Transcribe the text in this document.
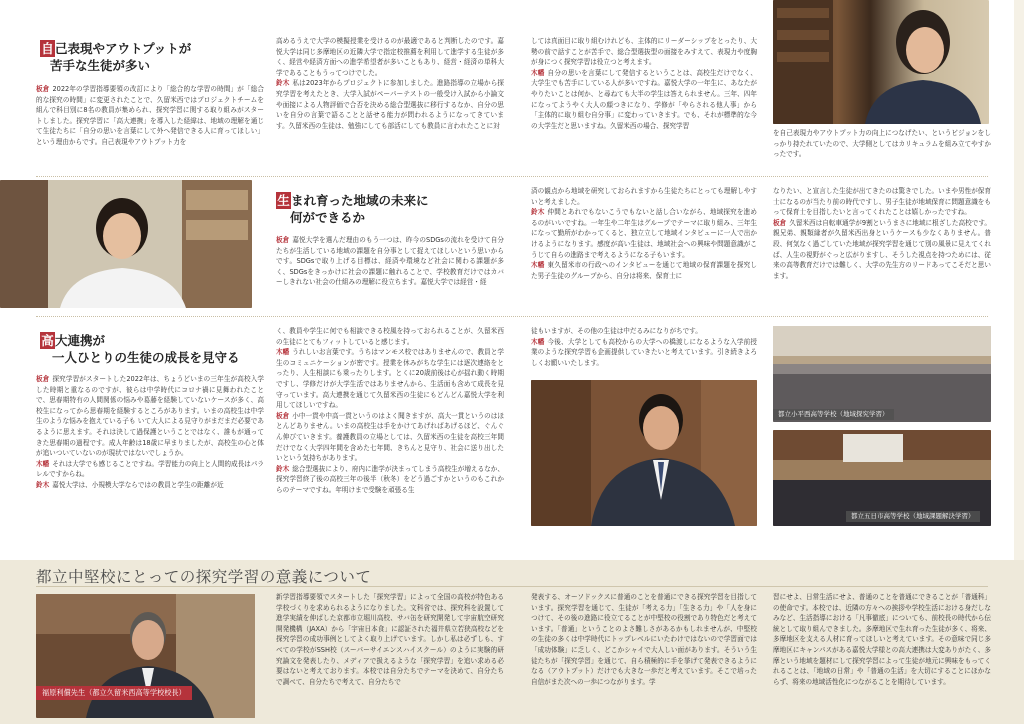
自己表現やアウトプットが
苦手な生徒が多い

板倉 2022年の学習指導要領の改訂により「総合的な学習の時間」が「総合的な探究の時間」に変更されたことで、久留米西ではプロジェクトチームを組んで科目別に8名の教員が集められ、探究学習に関する取り組みがスタートしました。探究学習に「高大連携」を導入した経緯は、地域の理解を通じて生徒たちに「自分の思いを言葉にして外へ発信できる人に育ってほしい」という理由からです。自己表現やアウトプット力を

高めるうえで大学の模擬授業を受けるのが最適であると判断したのです。嘉悦大学は同じ多摩地区の近隣大学で指定校推薦を利用して進学する生徒が多く、経営や経済方面への進学希望者が多いこともあり、経営・経済の単科大学であることもうってつけでした。

鈴木 私は2023年からプロジェクトに参加しました。進路指導の立場から探究学習を考えたとき、大学入試がペーパーテストの一般受け入試から小論文や面接による人物評価で合否を決める総合型選抜に移行するなか、自分の思いを自分の言葉で語ることと話せる能力が問われるようになってきています。久留米西の生徒は、勉強にしても部活にしても教員に言われたことに対

しては真面目に取り組むけれども、主体的にリーダーシップをとったり、大勢の前で話すことが苦手で、総合型選抜型の面接をみすえて、表現力や度胸が身につく探究学習は役立つと考えます。

木幡 自分の思いを言葉にして発信するということは、高校生だけでなく、大学生でも苦手にしている人が多いですね。嘉悦大学の一年生に、あなたがやりたいことは何か、と尋ねても大半の学生は答えられません。三年、四年になってようやく大人の顔つきになり、学修が「やらされる他人事」から「主体的に取り組む自分事」に変わっていきます。でも、それが標準的な今の大学生だと思いますね。久留米西の場合、探究学習

を自己表現力やアウトプット力の向上につなげたい、というビジョンをしっかり持たれていたので、大学側としてはカリキュラムを組み立てやすかったです。

生まれ育った地域の未来に
何ができるか

板倉 嘉悦大学を選んだ理由のもう一つは、昨今のSDGsの流れを受けて自分たちが生活している地域の課題を自分事として捉えてほしいという思いからです。SDGsで取り上げる目標は、経済や環境など社会に関わる課題が多く、SDGsをきっかけに社会の課題に触れることで、学校教育だけではカバーしきれない社会の仕組みの理解に役立ちます。嘉悦大学では経営・経

済の観点から地域を研究しておられますから生徒たちにとっても理解しやすいと考えました。

鈴木 仲間とあれでもないこうでもないと話し合いながら、地域探究を進めるのがいいですね。一年生や二年生はグループでテーマに取り組み、三年生になって勤所がわかってくると、独立立して地域インタビューに一人で出かけるようになります。感度が高い生徒は、地域社会への興味や問題意識がこうじて自らの進路まで考えるようになる子もいます。

木幡 東久留米市の行政へのインタビューを通じて地域の保育課題を探究した男子生徒のグループから、自分は将来、保育士に

なりたい、と宣言した生徒が出てきたのは驚きでした。いまや男性が保育士になるのが当たり前の時代ですし、男子生徒が地域保育に問題意識をもって保育士を目指したいと言ってくれたことは嬉しかったですね。

板倉 久留米西は自転車通学が9割というまさに地域に根ざした高校です。親兄弟、親類縁者が久留米西出身というケースも少なくありません。普段、何気なく過ごしていた地域が探究学習を通じて別の風景に見えてくれば、人生の視野がぐっと広がりますし、そうした視点を持つためには、従来の高等教育だけでは難しく、大学の先生方のリードあってこそだと思います。

高大連携が
一人ひとりの生徒の成長を見守る

板倉 探究学習がスタートした2022年は、ちょうどいまの三年生が高校入学した時期と重なるのですが、彼らは中学時代にコロナ禍に見舞われたことで、思春期特有の人間関係の悩みや葛藤を経験していないケースが多く、高校生になってから思春期を経験するところがあります。いまの高校生は中学生のような悩みを抱えている子も いて大人による見守りがまだまだ必要であるように思えます。それは決して過保護ということではなく、誰もが通ってきた思春期の過程です。成人年齢は18歳に早まりましたが、高校生の心と体が追いついていないのが現状ではないでしょうか。

木幡 それは大学でも感じることですね。学習能力の向上と人間的成長はパラレルですからね。

鈴木 嘉悦大学は、小規模大学ならではの教員と学生の距離が近

く、教員や学生に何でも相談できる校風を持っておられることが、久留米西の生徒にとてもフィットしていると感じます。

木幡 うれしいお言葉です。うちはマンモス校ではありませんので、教員と学生のコミュニケーションが密です。授業を休みがちな学生には逐次連絡をとったり、人生相談にも乗ったりします。とくに20歳前後は心が揺れ動く時期ですし、学修だけが大学生活ではありませんから、生活面も含めて成長を見守っています。高大連携を通じて久留米西の生徒にもどんどん嘉悦大学を利用してほしいですね。

板倉 小中一貫や中高一貫というのはよく聞きますが、高大一貫というのはほとんどありません。いまの高校生は手をかけてあげればあげるほど、ぐんぐん伸びていきます。養護教員の立場としては、久留米西の生徒を高校三年間だけでなく大学四年間を含めた七年間、きちんと見守り、社会に送り出したいという気持ちがあります。

鈴木 総合型選抜により、府内に進学が決まってしまう高校生が増えるなか、探究学習終了後の高校三年の後半（秋冬）をどう過ごすかというのもこれからのテーマですね。年明けまで受験を頑張る生

徒もいますが、その他の生徒は中だるみになりがちです。

木幡 今後、大学としても高校からの大学への橋渡しになるような入学前授業のような探究学習も企画提供していきたいと考えています。引き続きよろしくお願いいたします。

都立小平西高等学校（地域探究学習）
都立五日市高等学校（地域課題解決学習）
都立中堅校にとっての探究学習の意義について
福原利償先生（都立久留米西高等学校校長）

新学習指導要領でスタートした「探究学習」によって全国の高校が特色ある学校づくりを求められるようになりました。文科省では、探究科を設置して進学実績を伸ばした京都市立堀川高校、サバ缶を研究開発して宇宙航空研究開発機構（JAXA）から「宇宙日本食」に認証された福井県立若狭高校などを探究学習の成功事例としてよく取り上げています。しかし私は必ずしも、すべての学校がSSH校（スーパーサイエンスハイスクール）のように実験的研究論文を発表したり、メディアで扱えるような「探究学習」を追い求める必要はないと考えております。本校では自分たちでテーマを決めて、自分たちで調べて、自分たちで考えて、自分たちで

発表する、オーソドックスに普通のことを普通にできる探究学習を目指しています。探究学習を通じて、生徒が「考える力」「生きる力」や「人を身につけて、その後の進路に役立てることが中堅校の役割であり特色だと考えています。「普通」ということのよさ難しさがあるかもしれませんが、中堅校の生徒の多くは中学時代にトップレベルにいたわけではないので学習面では「成功体験」に乏しく、どこかシャイで大人しい面があります。そういう生徒たちが「探究学習」を通じて、自ら積極的に手を挙げて発表できるようになる（アウトプット）だけでも大きな一歩だと考えています。そこで培った自信がまた次への一歩につながります。学

習にせよ、日常生活にせよ、普通のことを普通にできることが「普通科」の使命です。本校では、近隣の方々への挨拶や学校生活における身だしなみなど、生活指導における「凡事徹底」についても、前校長の時代から伝統として取り組んできました。多摩地区で生れ育った生徒が多く、将来、多摩地区を支える人材に育ってほしいと考えています。その意味で同じ多摩地区にキャンパスがある嘉悦大学様との高大連携は大変ありがたく、多摩という地域を題材にして探究学習によって生徒が地元に興味をもってくれることは、「地域の日常」や「普通の生活」を大切にすることにほかならず、将来の地域活性化につながることを期待しています。
